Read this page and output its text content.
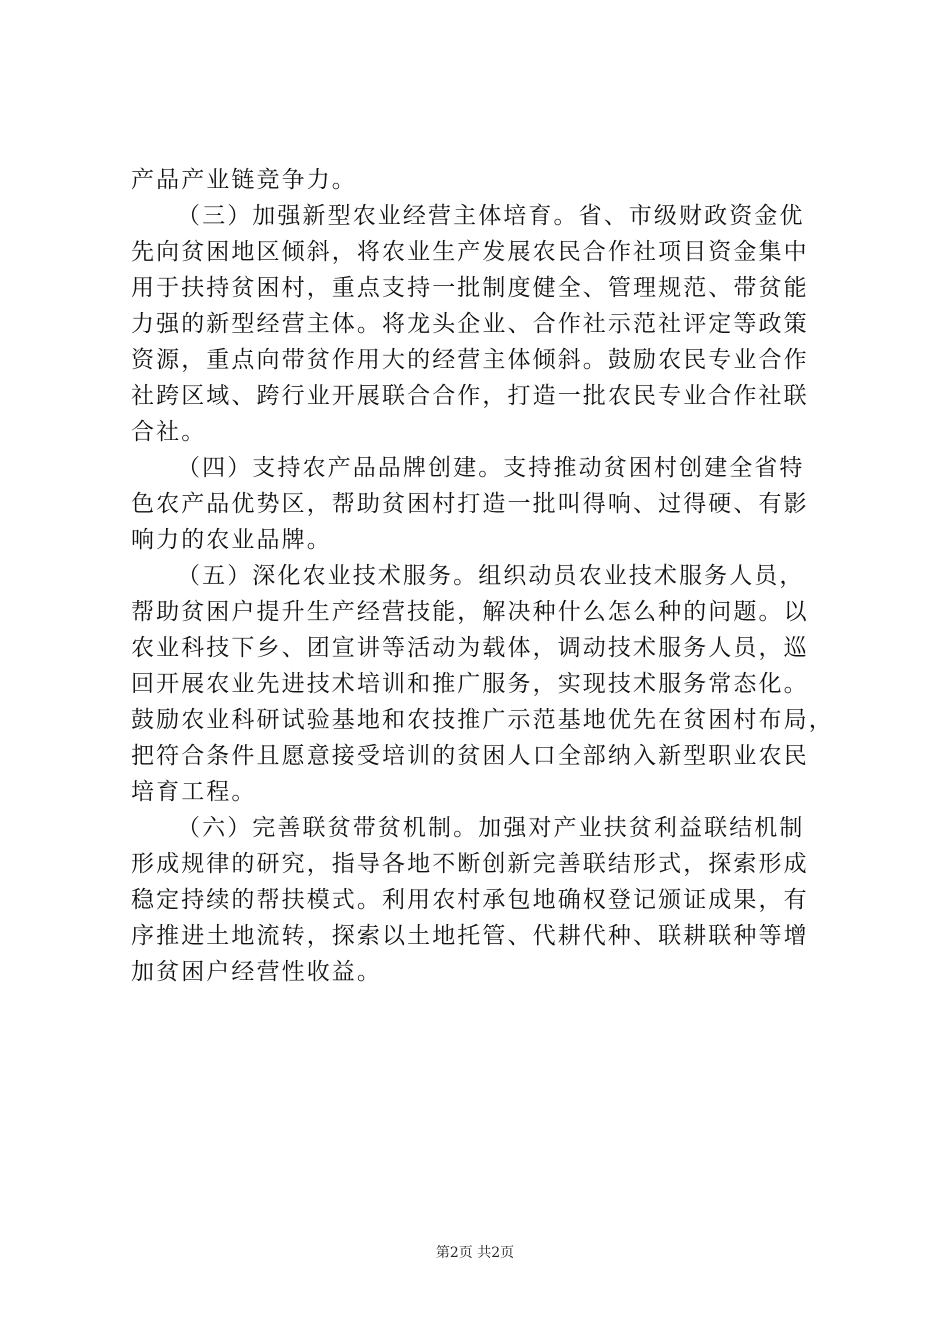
产品产业链竞争力。
（三）加强新型农业经营主体培育。省、市级财政资金优
先向贫困地区倾斜，将农业生产发展农民合作社项目资金集中
用于扶持贫困村，重点支持一批制度健全、管理规范、带贫能
力强的新型经营主体。将龙头企业、合作社示范社评定等政策
资源，重点向带贫作用大的经营主体倾斜。鼓励农民专业合作
社跨区域、跨行业开展联合合作，打造一批农民专业合作社联
合社。
（四）支持农产品品牌创建。支持推动贫困村创建全省特
色农产品优势区，帮助贫困村打造一批叫得响、过得硬、有影
响力的农业品牌。
（五）深化农业技术服务。组织动员农业技术服务人员，
帮助贫困户提升生产经营技能，解决种什么怎么种的问题。以
农业科技下乡、团宣讲等活动为载体，调动技术服务人员，巡
回开展农业先进技术培训和推广服务，实现技术服务常态化。
鼓励农业科研试验基地和农技推广示范基地优先在贫困村布局，
把符合条件且愿意接受培训的贫困人口全部纳入新型职业农民
培育工程。
（六）完善联贫带贫机制。加强对产业扶贫利益联结机制
形成规律的研究，指导各地不断创新完善联结形式，探索形成
稳定持续的帮扶模式。利用农村承包地确权登记颁证成果，有
序推进土地流转，探索以土地托管、代耕代种、联耕联种等增
加贫困户经营性收益。
第2页 共2页
